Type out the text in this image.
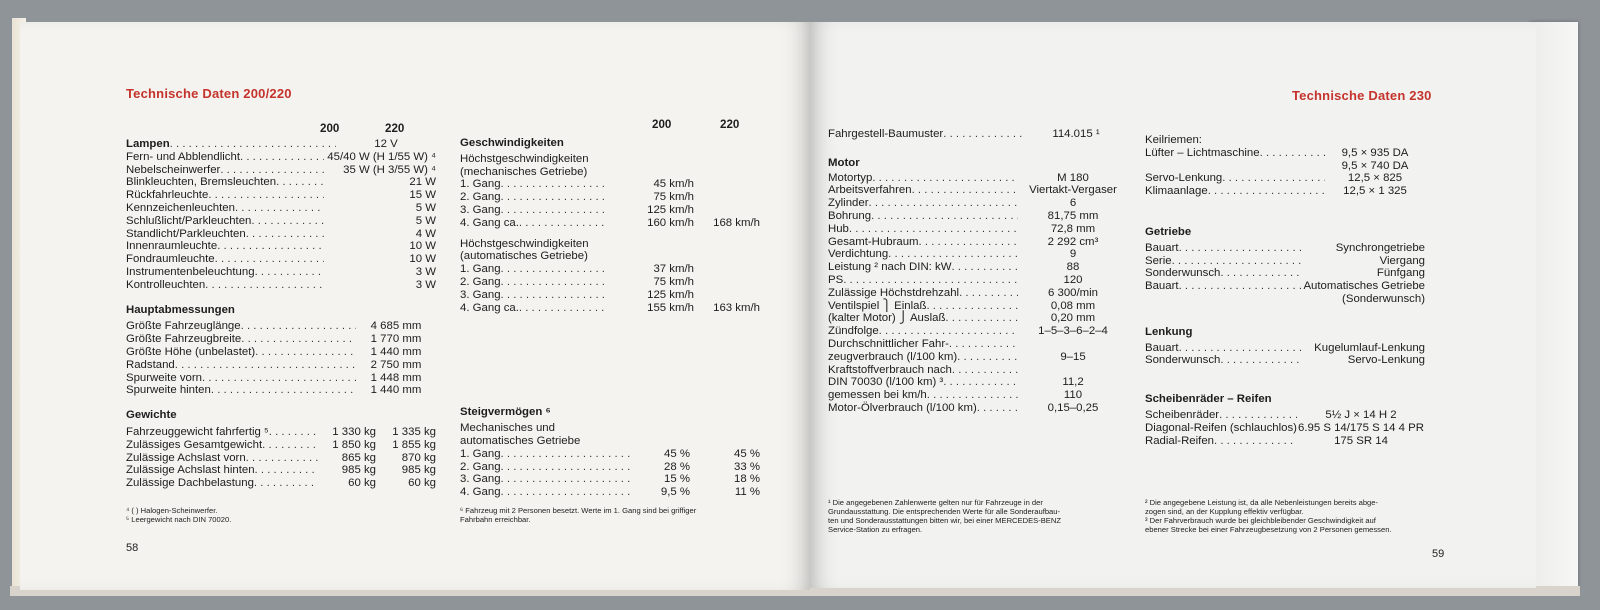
Technische Daten 200/220
200	220
Lampen . . .	12 V
Fern- und Abblendlicht . . .	45/40 W (H 1/55 W) ⁴
Nebelscheinwerfer . . .	35 W (H 3/55 W) ⁴
Blinkleuchten, Bremsleuchten . . .	21 W
Rückfahrleuchte . . .	15 W
Kennzeichenleuchten . . .	5 W
Schlußlicht/Parkleuchten . . .	5 W
Standlicht/Parkleuchten . . .	4 W
Innenraumleuchte . . .	10 W
Fondraumleuchte . . .	10 W
Instrumentenbeleuchtung . . .	3 W
Kontrolleuchten . . .	3 W
Hauptabmessungen
Größte Fahrzeuglänge . . .	4 685 mm
Größte Fahrzeugbreite . . .	1 770 mm
Größte Höhe (unbelastet) . . .	1 440 mm
Radstand . . .	2 750 mm
Spurweite vorn . . .	1 448 mm
Spurweite hinten . . .	1 440 mm
Gewichte
Fahrzeuggewicht fahrfertig ⁵ . . .	1 330 kg	1 335 kg
Zulässiges Gesamtgewicht . . .	1 850 kg	1 855 kg
Zulässige Achslast vorn . . .	865 kg	870 kg
Zulässige Achslast hinten . . .	985 kg	985 kg
Zulässige Dachbelastung . . .	60 kg	60 kg
200	220
Geschwindigkeiten
Höchstgeschwindigkeiten
(mechanisches Getriebe)
1. Gang . . .	45 km/h
2. Gang . . .	75 km/h
3. Gang . . .	125 km/h
4. Gang ca. . . .	160 km/h	168 km/h
Höchstgeschwindigkeiten
(automatisches Getriebe)
1. Gang . . .	37 km/h
2. Gang . . .	75 km/h
3. Gang . . .	125 km/h
4. Gang ca. . . .	155 km/h	163 km/h
Steigvermögen ⁶
Mechanisches und
automatisches Getriebe
1. Gang . . .	45 %	45 %
2. Gang . . .	28 %	33 %
3. Gang . . .	15 %	18 %
4. Gang . . .	9,5 %	11 %
⁴ ( ) Halogen-Scheinwerfer.
⁵ Leergewicht nach DIN 70020.
⁶ Fahrzeug mit 2 Personen besetzt. Werte im 1. Gang sind bei griffiger
Fahrbahn erreichbar.
58
Technische Daten 230
Fahrgestell-Baumuster . . .	114.015 ¹
Motor
Motortyp . . .	M 180
Arbeitsverfahren . . .	Viertakt-Vergaser
Zylinder . . .	6
Bohrung . . .	81,75 mm
Hub . . .	72,8 mm
Gesamt-Hubraum . . .	2 292 cm³
Verdichtung . . .	9
Leistung ² nach DIN: kW . . .	88
PS . . .	120
Zulässige Höchstdrehzahl . . .	6 300/min
Ventilspiel ⎫ Einlaß . . .	0,08 mm
(kalter Motor) ⎭ Auslaß . . .	0,20 mm
Zündfolge . . .	1–5–3–6–2–4
Durchschnittlicher Fahr-
. . .
zeugverbrauch (l/100 km) . . .	9–15
Kraftstoffverbrauch nach
. . .
DIN 70030 (l/100 km) ³ . . .	11,2
gemessen bei km/h . . .	110
Motor-Ölverbrauch (l/100 km) . . .	0,15–0,25
Keilriemen:
Lüfter – Lichtmaschine . . .	9,5 × 935 DA
9,5 × 740 DA
Servo-Lenkung . . .	12,5 × 825
Klimaanlage . . .	12,5 × 1 325
Getriebe
Bauart . . .	Synchrongetriebe
Serie . . .	Viergang
Sonderwunsch . . .	Fünfgang
Bauart . . .	Automatisches Getriebe
(Sonderwunsch)
Lenkung
Bauart . . .	Kugelumlauf-Lenkung
Sonderwunsch . . .	Servo-Lenkung
Scheibenräder – Reifen
Scheibenräder . . .	5½ J × 14 H 2
Diagonal-Reifen (schlauchlos) . . . 6.95 S 14/175 S 14 4 PR
Radial-Reifen . . .	175 SR 14
¹ Die angegebenen Zahlenwerte gelten nur für Fahrzeuge in der
Grundausstattung. Die entsprechenden Werte für alle Sonderaufbau-
ten und Sonderausstattungen bitten wir, bei einer MERCEDES-BENZ
Service-Station zu erfragen.
² Die angegebene Leistung ist, da alle Nebenleistungen bereits abge-
zogen sind, an der Kupplung effektiv verfügbar.
³ Der Fahrverbrauch wurde bei gleichbleibender Geschwindigkeit auf
ebener Strecke bei einer Fahrzeugbesetzung von 2 Personen gemessen.
59
